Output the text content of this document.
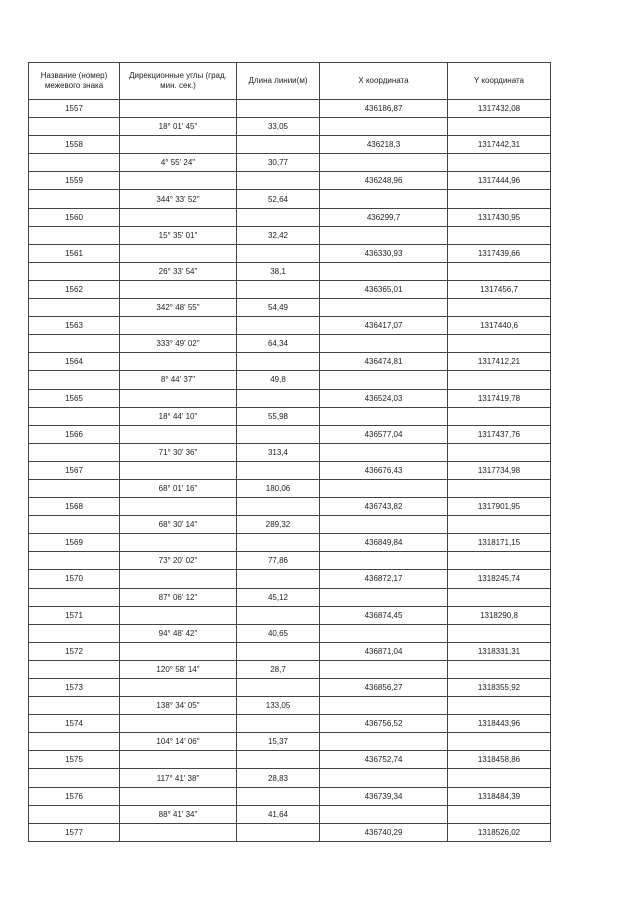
Название (номер) межевого знака	Дирекционные углы (град. мин. сек.)	Длина линии(м)	X координата	Y координата
1557			436186,87	1317432,08
	18° 01' 45"	33,05		
1558			436218,3	1317442,31
	4° 55' 24"	30,77		
1559			436248,96	1317444,96
	344° 33' 52"	52,64		
1560			436299,7	1317430,95
	15° 35' 01"	32,42		
1561			436330,93	1317439,66
	26° 33' 54"	38,1		
1562			436365,01	1317456,7
	342° 48' 55"	54,49		
1563			436417,07	1317440,6
	333° 49' 02"	64,34		
1564			436474,81	1317412,21
	8° 44' 37"	49,8		
1565			436524,03	1317419,78
	18° 44' 10"	55,98		
1566			436577,04	1317437,76
	71° 30' 36"	313,4		
1567			436676,43	1317734,98
	68° 01' 16"	180,06		
1568			436743,82	1317901,95
	68° 30' 14"	289,32		
1569			436849,84	1318171,15
	73° 20' 02"	77,86		
1570			436872,17	1318245,74
	87° 06' 12"	45,12		
1571			436874,45	1318290,8
	94° 48' 42"	40,65		
1572			436871,04	1318331,31
	120° 58' 14"	28,7		
1573			436856,27	1318355,92
	138° 34' 05"	133,05		
1574			436756,52	1318443,96
	104° 14' 06"	15,37		
1575			436752,74	1318458,86
	117° 41' 38"	28,83		
1576			436739,34	1318484,39
	88° 41' 34"	41,64		
1577			436740,29	1318526,02
